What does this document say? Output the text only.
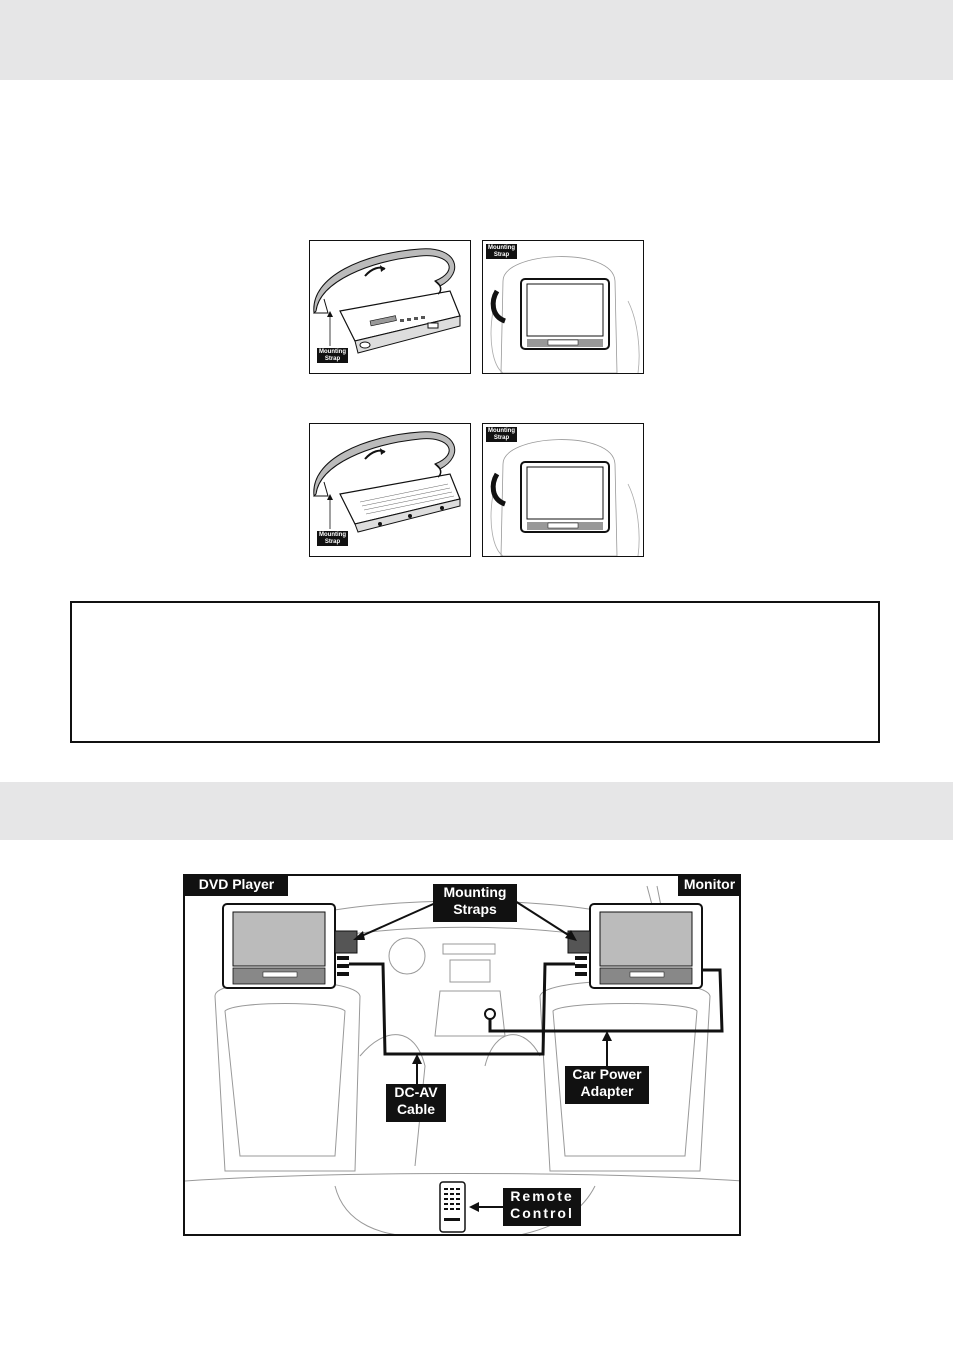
Mounting
Strap
Mounting
Strap
Mounting
Strap
Mounting
Strap
DVD Player	Monitor
Mounting
Straps
DC-AV
Cable
Car Power
Adapter
Remote
Control
